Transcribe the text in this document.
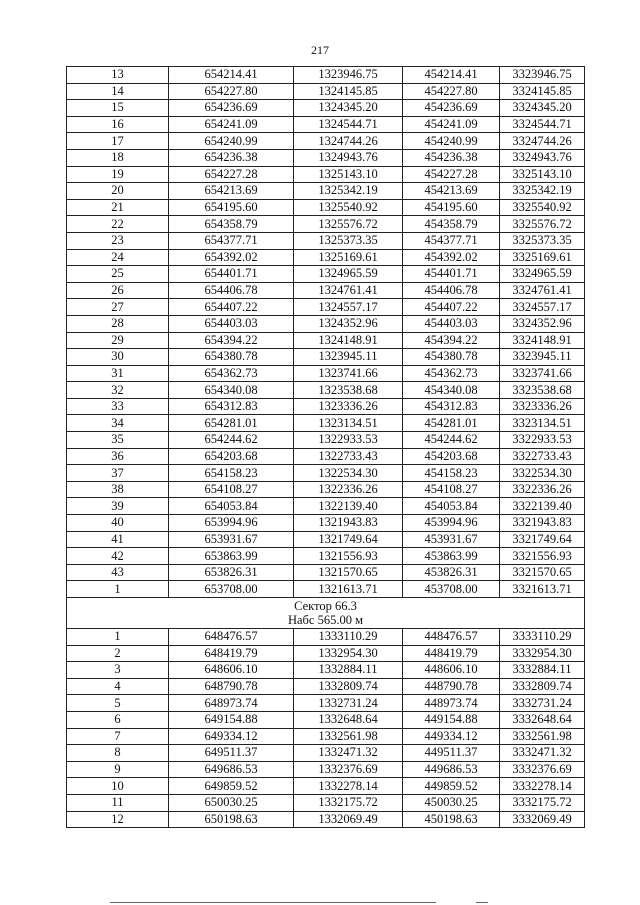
217
13	654214.41	1323946.75	454214.41	3323946.75
14	654227.80	1324145.85	454227.80	3324145.85
15	654236.69	1324345.20	454236.69	3324345.20
16	654241.09	1324544.71	454241.09	3324544.71
17	654240.99	1324744.26	454240.99	3324744.26
18	654236.38	1324943.76	454236.38	3324943.76
19	654227.28	1325143.10	454227.28	3325143.10
20	654213.69	1325342.19	454213.69	3325342.19
21	654195.60	1325540.92	454195.60	3325540.92
22	654358.79	1325576.72	454358.79	3325576.72
23	654377.71	1325373.35	454377.71	3325373.35
24	654392.02	1325169.61	454392.02	3325169.61
25	654401.71	1324965.59	454401.71	3324965.59
26	654406.78	1324761.41	454406.78	3324761.41
27	654407.22	1324557.17	454407.22	3324557.17
28	654403.03	1324352.96	454403.03	3324352.96
29	654394.22	1324148.91	454394.22	3324148.91
30	654380.78	1323945.11	454380.78	3323945.11
31	654362.73	1323741.66	454362.73	3323741.66
32	654340.08	1323538.68	454340.08	3323538.68
33	654312.83	1323336.26	454312.83	3323336.26
34	654281.01	1323134.51	454281.01	3323134.51
35	654244.62	1322933.53	454244.62	3322933.53
36	654203.68	1322733.43	454203.68	3322733.43
37	654158.23	1322534.30	454158.23	3322534.30
38	654108.27	1322336.26	454108.27	3322336.26
39	654053.84	1322139.40	454053.84	3322139.40
40	653994.96	1321943.83	453994.96	3321943.83
41	653931.67	1321749.64	453931.67	3321749.64
42	653863.99	1321556.93	453863.99	3321556.93
43	653826.31	1321570.65	453826.31	3321570.65
1	653708.00	1321613.71	453708.00	3321613.71

Сектор 66.3
Набс 565.00 м				

1	648476.57	1333110.29	448476.57	3333110.29
2	648419.79	1332954.30	448419.79	3332954.30
3	648606.10	1332884.11	448606.10	3332884.11
4	648790.78	1332809.74	448790.78	3332809.74
5	648973.74	1332731.24	448973.74	3332731.24
6	649154.88	1332648.64	449154.88	3332648.64
7	649334.12	1332561.98	449334.12	3332561.98
8	649511.37	1332471.32	449511.37	3332471.32
9	649686.53	1332376.69	449686.53	3332376.69
10	649859.52	1332278.14	449859.52	3332278.14
11	650030.25	1332175.72	450030.25	3332175.72
12	650198.63	1332069.49	450198.63	3332069.49
